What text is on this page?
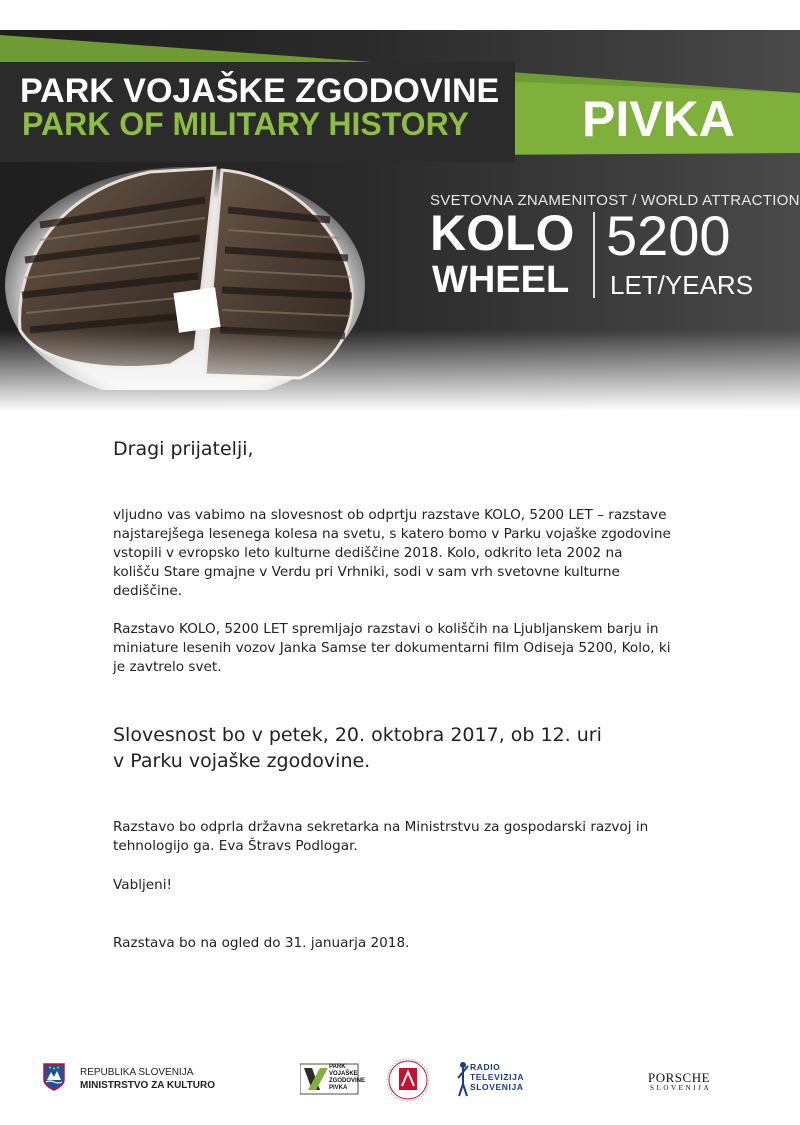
PARK VOJAŠKE ZGODOVINE
PARK OF MILITARY HISTORY PIVKA
SVETOVNA ZNAMENITOST / WORLD ATTRACTION
KOLO
WHEEL
5200
LET/YEARS
Dragi prijatelji,
vljudno vas vabimo na slovesnost ob odprtju razstave KOLO, 5200 LET – razstave najstarejšega lesenega kolesa na svetu, s katero bomo v Parku vojaške zgodovine vstopili v evropsko leto kulturne dediščine 2018. Kolo, odkrito leta 2002 na kolišču Stare gmajne v Verdu pri Vrhniki, sodi v sam vrh svetovne kulturne dediščine.
Razstavo KOLO, 5200 LET spremljajo razstavi o koliščih na Ljubljanskem barju in miniature lesenih vozov Janka Samse ter dokumentarni film Odiseja 5200, Kolo, ki je zavtrelo svet.
Slovesnost bo v petek, 20. oktobra 2017, ob 12. uri
v Parku vojaške zgodovine.
Razstavo bo odprla državna sekretarka na Ministrstvu za gospodarski razvoj in tehnologijo ga. Eva Štravs Podlogar.
Vabljeni!
Razstava bo na ogled do 31. januarja 2018.
REPUBLIKA SLOVENIJA
MINISTRSTVO ZA KULTURO
PARK
VOJAŠKE
ZGODOVINE
PIVKA
RADIO
TELEVIZIJA
SLOVENIJA
PORSCHE
SLOVENIJA
